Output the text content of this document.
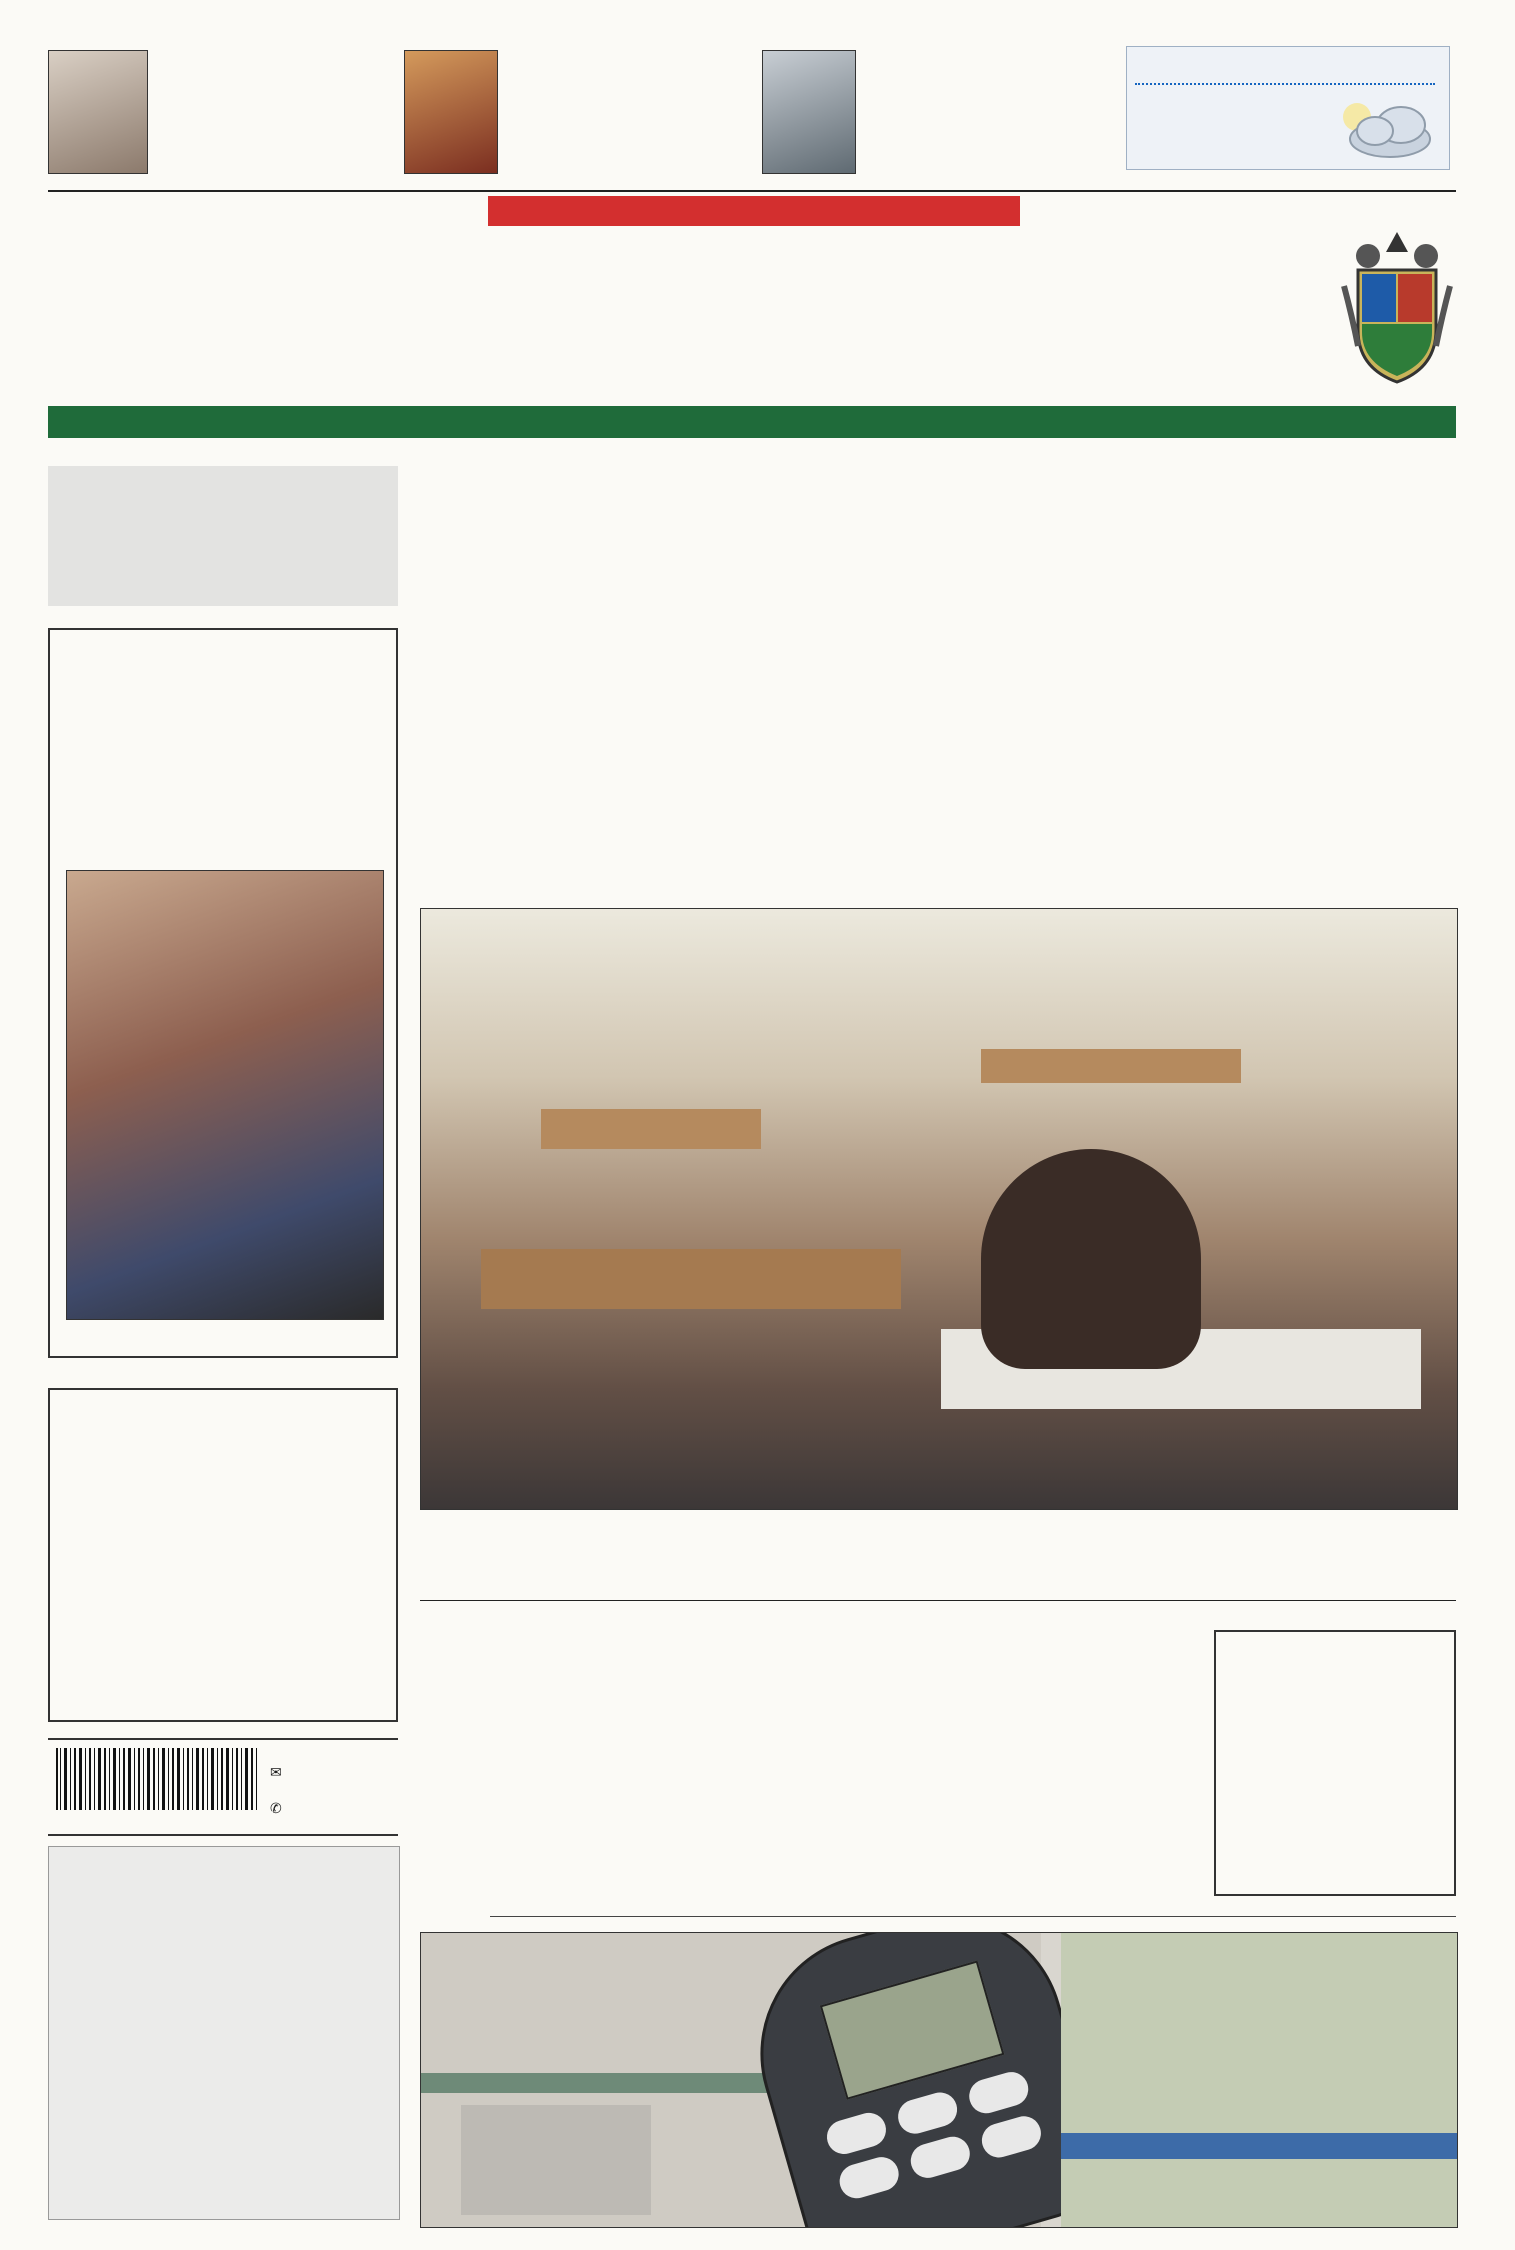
✉
✆
